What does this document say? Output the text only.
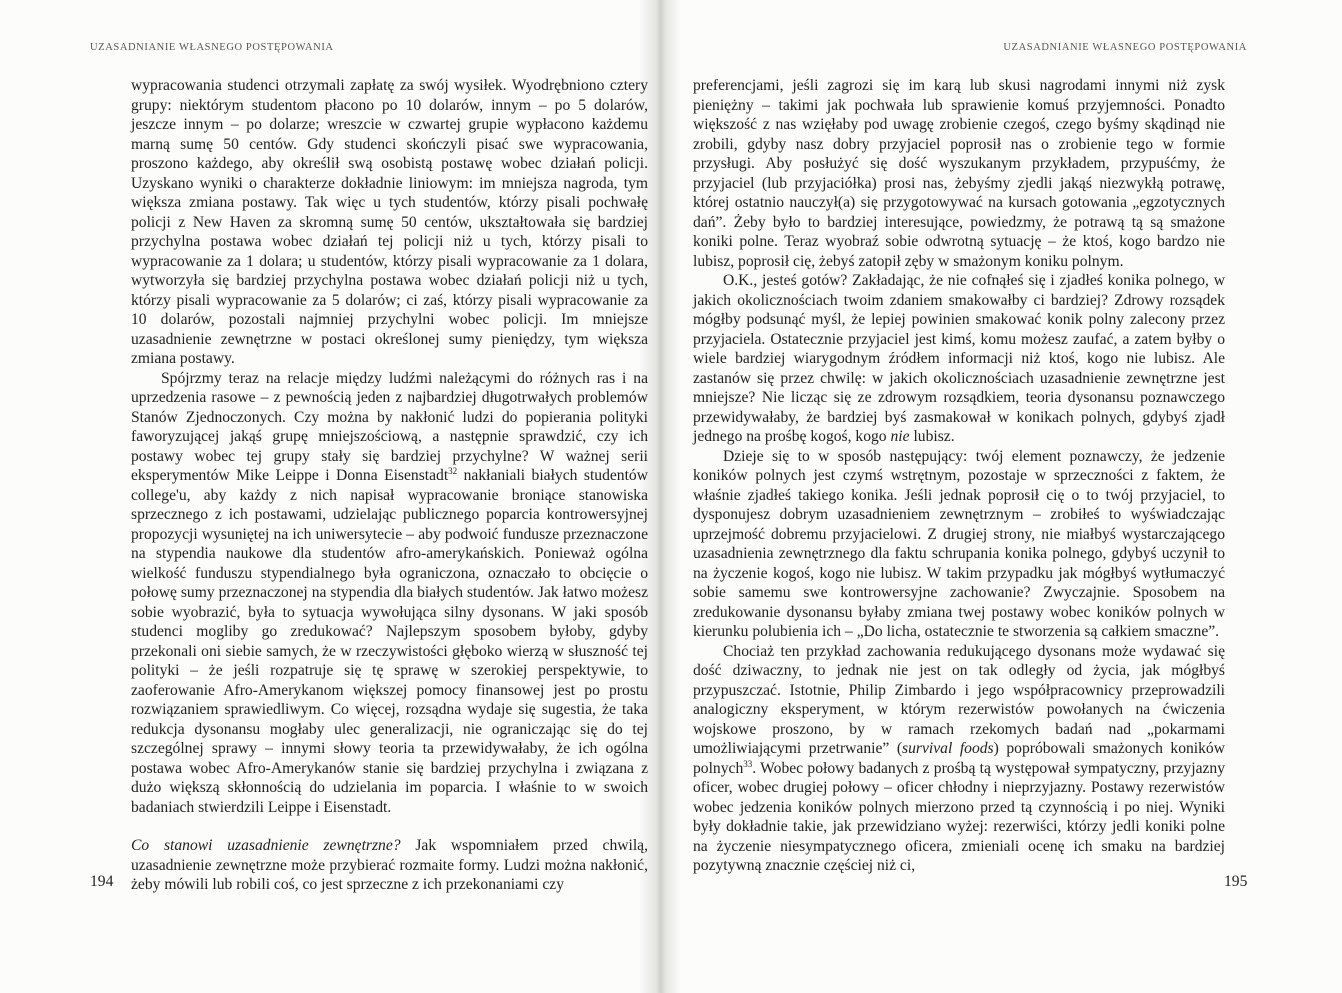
UZASADNIANIE WŁASNEGO POSTĘPOWANIA

wypracowania studenci otrzymali zapłatę za swój wysiłek. Wyodrębniono cztery grupy: niektórym studentom płacono po 10 dolarów, innym – po 5 dolarów, jeszcze innym – po dolarze; wreszcie w czwartej grupie wypłacono każdemu marną sumę 50 centów. Gdy studenci skończyli pisać swe wypracowania, proszono każdego, aby określił swą osobistą postawę wobec działań policji. Uzyskano wyniki o charakterze dokładnie liniowym: im mniejsza nagroda, tym większa zmiana postawy. Tak więc u tych studentów, którzy pisali pochwałę policji z New Haven za skromną sumę 50 centów, ukształtowała się bardziej przychylna postawa wobec działań tej policji niż u tych, którzy pisali to wypracowanie za 1 dolara; u studentów, którzy pisali wypracowanie za 1 dolara, wytworzyła się bardziej przychylna postawa wobec działań policji niż u tych, którzy pisali wypracowanie za 5 dolarów; ci zaś, którzy pisali wypracowanie za 10 dolarów, pozostali najmniej przychylni wobec policji. Im mniejsze uzasadnienie zewnętrzne w postaci określonej sumy pieniędzy, tym większa zmiana postawy.

Spójrzmy teraz na relacje między ludźmi należącymi do różnych ras i na uprzedzenia rasowe – z pewnością jeden z najbardziej długotrwałych problemów Stanów Zjednoczonych. Czy można by nakłonić ludzi do popierania polityki faworyzującej jakąś grupę mniejszościową, a następnie sprawdzić, czy ich postawy wobec tej grupy stały się bardziej przychylne? W ważnej serii eksperymentów Mike Leippe i Donna Eisenstadt$^{32}$ nakłaniali białych studentów college'u, aby każdy z nich napisał wypracowanie broniące stanowiska sprzecznego z ich postawami, udzielając publicznego poparcia kontrowersyjnej propozycji wysuniętej na ich uniwersytecie – aby podwoić fundusze przeznaczone na stypendia naukowe dla studentów afro-amerykańskich. Ponieważ ogólna wielkość funduszu stypendialnego była ograniczona, oznaczało to obcięcie o połowę sumy przeznaczonej na stypendia dla białych studentów. Jak łatwo możesz sobie wyobrazić, była to sytuacja wywołująca silny dysonans. W jaki sposób studenci mogliby go zredukować? Najlepszym sposobem byłoby, gdyby przekonali oni siebie samych, że w rzeczywistości głęboko wierzą w słuszność tej polityki – że jeśli rozpatruje się tę sprawę w szerokiej perspektywie, to zaoferowanie Afro-Amerykanom większej pomocy finansowej jest po prostu rozwiązaniem sprawiedliwym. Co więcej, rozsądna wydaje się sugestia, że taka redukcja dysonansu mogłaby ulec generalizacji, nie ograniczając się do tej szczególnej sprawy – innymi słowy teoria ta przewidywałaby, że ich ogólna postawa wobec Afro-Amerykanów stanie się bardziej przychylna i związana z dużo większą skłonnością do udzielania im poparcia. I właśnie to w swoich badaniach stwierdzili Leippe i Eisenstadt.

Co stanowi uzasadnienie zewnętrzne? Jak wspomniałem przed chwilą, uzasadnienie zewnętrzne może przybierać rozmaite formy. Ludzi można nakłonić, żeby mówili lub robili coś, co jest sprzeczne z ich przekonaniami czy

194
UZASADNIANIE WŁASNEGO POSTĘPOWANIA

preferencjami, jeśli zagrozi się im karą lub skusi nagrodami innymi niż zysk pieniężny – takimi jak pochwała lub sprawienie komuś przyjemności. Ponadto większość z nas wzięłaby pod uwagę zrobienie czegoś, czego byśmy skądinąd nie zrobili, gdyby nasz dobry przyjaciel poprosił nas o zrobienie tego w formie przysługi. Aby posłużyć się dość wyszukanym przykładem, przypuśćmy, że przyjaciel (lub przyjaciółka) prosi nas, żebyśmy zjedli jakąś niezwykłą potrawę, której ostatnio nauczył(a) się przygotowywać na kursach gotowania „egzotycznych dań”. Żeby było to bardziej interesujące, powiedzmy, że potrawą tą są smażone koniki polne. Teraz wyobraź sobie odwrotną sytuację – że ktoś, kogo bardzo nie lubisz, poprosił cię, żebyś zatopił zęby w smażonym koniku polnym.

O.K., jesteś gotów? Zakładając, że nie cofnąłeś się i zjadłeś konika polnego, w jakich okolicznościach twoim zdaniem smakowałby ci bardziej? Zdrowy rozsądek mógłby podsunąć myśl, że lepiej powinien smakować konik polny zalecony przez przyjaciela. Ostatecznie przyjaciel jest kimś, komu możesz zaufać, a zatem byłby o wiele bardziej wiarygodnym źródłem informacji niż ktoś, kogo nie lubisz. Ale zastanów się przez chwilę: w jakich okolicznościach uzasadnienie zewnętrzne jest mniejsze? Nie licząc się ze zdrowym rozsądkiem, teoria dysonansu poznawczego przewidywałaby, że bardziej byś zasmakował w konikach polnych, gdybyś zjadł jednego na prośbę kogoś, kogo nie lubisz.

Dzieje się to w sposób następujący: twój element poznawczy, że jedzenie koników polnych jest czymś wstrętnym, pozostaje w sprzeczności z faktem, że właśnie zjadłeś takiego konika. Jeśli jednak poprosił cię o to twój przyjaciel, to dysponujesz dobrym uzasadnieniem zewnętrznym – zrobiłeś to wyświadczając uprzejmość dobremu przyjacielowi. Z drugiej strony, nie miałbyś wystarczającego uzasadnienia zewnętrznego dla faktu schrupania konika polnego, gdybyś uczynił to na życzenie kogoś, kogo nie lubisz. W takim przypadku jak mógłbyś wytłumaczyć sobie samemu swe kontrowersyjne zachowanie? Zwyczajnie. Sposobem na zredukowanie dysonansu byłaby zmiana twej postawy wobec koników polnych w kierunku polubienia ich – „Do licha, ostatecznie te stworzenia są całkiem smaczne”.

Chociaż ten przykład zachowania redukującego dysonans może wydawać się dość dziwaczny, to jednak nie jest on tak odległy od życia, jak mógłbyś przypuszczać. Istotnie, Philip Zimbardo i jego współpracownicy przeprowadzili analogiczny eksperyment, w którym rezerwistów powołanych na ćwiczenia wojskowe proszono, by w ramach rzekomych badań nad „pokarmami umożliwiającymi przetrwanie” (survival foods) popróbowali smażonych koników polnych$^{33}$. Wobec połowy badanych z prośbą tą występował sympatyczny, przyjazny oficer, wobec drugiej połowy – oficer chłodny i nieprzyjazny. Postawy rezerwistów wobec jedzenia koników polnych mierzono przed tą czynnością i po niej. Wyniki były dokładnie takie, jak przewidziano wyżej: rezerwiści, którzy jedli koniki polne na życzenie niesympatycznego oficera, zmieniali ocenę ich smaku na bardziej pozytywną znacznie częściej niż ci,

195
